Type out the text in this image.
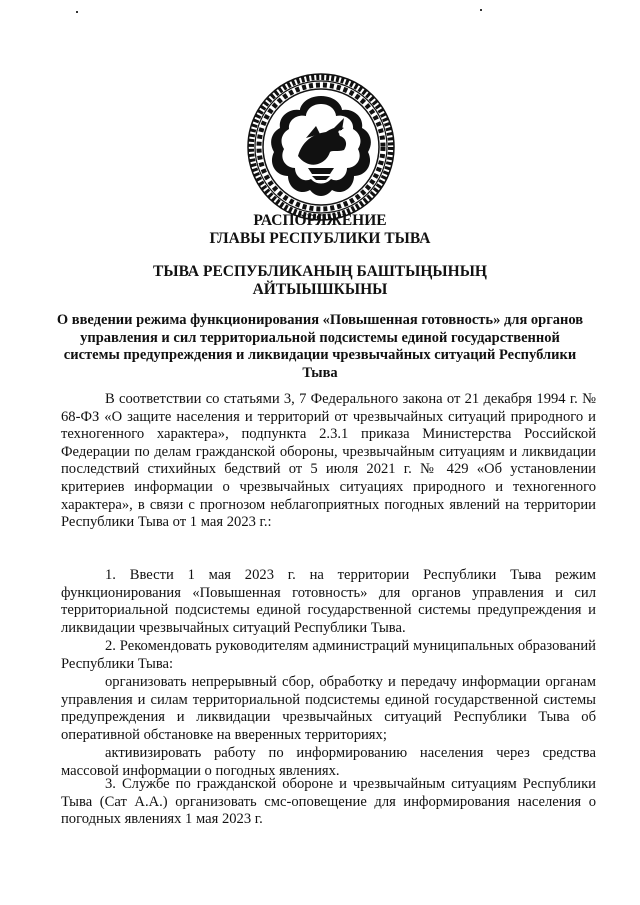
РАСПОРЯЖЕНИЕ
ГЛАВЫ РЕСПУБЛИКИ ТЫВА
ТЫВА РЕСПУБЛИКАНЫҢ БАШТЫҢЫНЫҢ
АЙТЫЫШКЫНЫ
О введении режима функционирования «Повышенная готовность» для органов управления и сил территориальной подсистемы единой государственной системы предупреждения и ликвидации чрезвычайных ситуаций Республики Тыва
В соответствии со статьями 3, 7 Федерального закона от 21 декабря 1994 г. № 68-ФЗ «О защите населения и территорий от чрезвычайных ситуаций природного и техногенного характера», подпункта 2.3.1 приказа Министерства Российской Федерации по делам гражданской обороны, чрезвычайным ситуациям и ликвидации последствий стихийных бедствий от 5 июля 2021 г. № 429 «Об установлении критериев информации о чрезвычайных ситуациях природного и техногенного характера», в связи с прогнозом неблагоприятных погодных явлений на территории Республики Тыва от 1 мая 2023 г.:
1. Ввести 1 мая 2023 г. на территории Республики Тыва режим функционирования «Повышенная готовность» для органов управления и сил территориальной подсистемы единой государственной системы предупреждения и ликвидации чрезвычайных ситуаций Республики Тыва.
2. Рекомендовать руководителям администраций муниципальных образований Республики Тыва:
организовать непрерывный сбор, обработку и передачу информации органам управления и силам территориальной подсистемы единой государственной системы предупреждения и ликвидации чрезвычайных ситуаций Республики Тыва об оперативной обстановке на вверенных территориях;
активизировать работу по информированию населения через средства массовой информации о погодных явлениях.
3. Службе по гражданской обороне и чрезвычайным ситуациям Республики Тыва (Сат А.А.) организовать смс-оповещение для информирования населения о погодных явлениях 1 мая 2023 г.
